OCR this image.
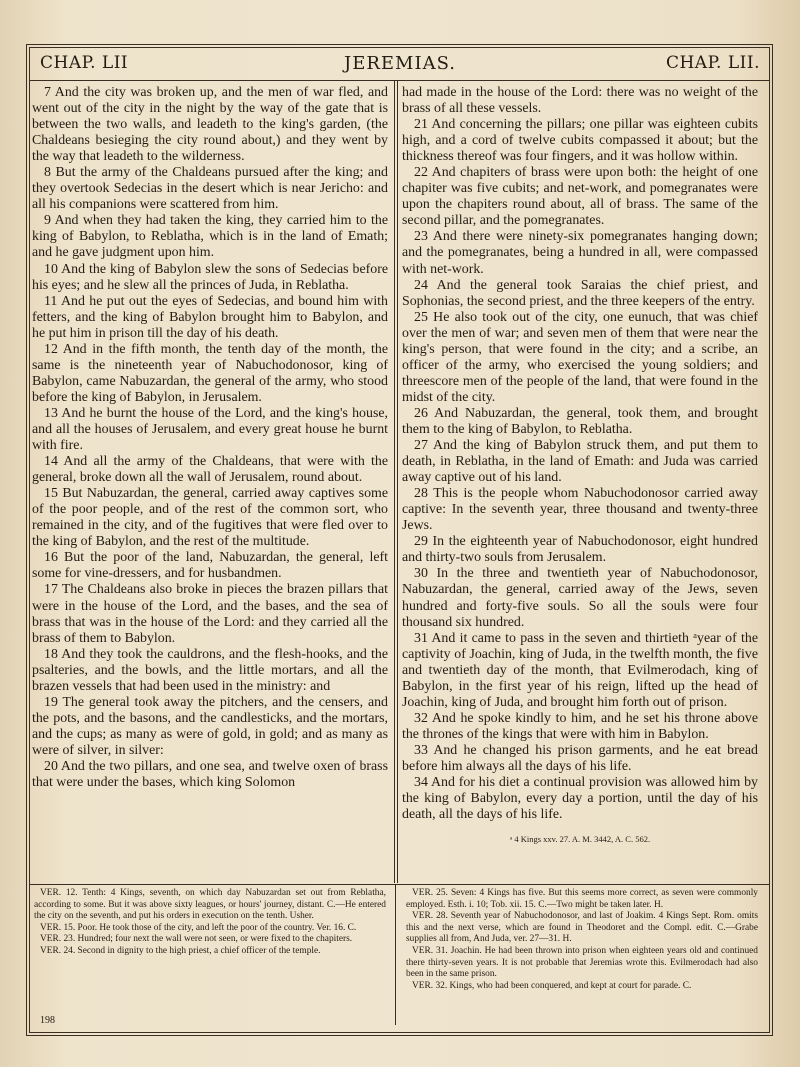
CHAP. LII	JEREMIAS.	CHAP. LII.

7 And the city was broken up, and the men of war fled, and went out of the city in the night by the way of the gate that is between the two walls, and leadeth to the king's garden, (the Chaldeans besieging the city round about,) and they went by the way that leadeth to the wilderness.

8 But the army of the Chaldeans pursued after the king; and they overtook Sedecias in the desert which is near Jericho: and all his companions were scattered from him.

9 And when they had taken the king, they carried him to the king of Babylon, to Reblatha, which is in the land of Emath; and he gave judgment upon him.

10 And the king of Babylon slew the sons of Sedecias before his eyes; and he slew all the princes of Juda, in Reblatha.

11 And he put out the eyes of Sedecias, and bound him with fetters, and the king of Babylon brought him to Babylon, and he put him in prison till the day of his death.

12 And in the fifth month, the tenth day of the month, the same is the nineteenth year of Nabuchodonosor, king of Babylon, came Nabuzardan, the general of the army, who stood before the king of Babylon, in Jerusalem.

13 And he burnt the house of the Lord, and the king's house, and all the houses of Jerusalem, and every great house he burnt with fire.

14 And all the army of the Chaldeans, that were with the general, broke down all the wall of Jerusalem, round about.

15 But Nabuzardan, the general, carried away captives some of the poor people, and of the rest of the common sort, who remained in the city, and of the fugitives that were fled over to the king of Babylon, and the rest of the multitude.

16 But the poor of the land, Nabuzardan, the general, left some for vine-dressers, and for husbandmen.

17 The Chaldeans also broke in pieces the brazen pillars that were in the house of the Lord, and the bases, and the sea of brass that was in the house of the Lord: and they carried all the brass of them to Babylon.

18 And they took the cauldrons, and the flesh-hooks, and the psalteries, and the bowls, and the little mortars, and all the brazen vessels that had been used in the ministry: and

19 The general took away the pitchers, and the censers, and the pots, and the basons, and the candlesticks, and the mortars, and the cups; as many as were of gold, in gold; and as many as were of silver, in silver:

20 And the two pillars, and one sea, and twelve oxen of brass that were under the bases, which king Solomon

had made in the house of the Lord: there was no weight of the brass of all these vessels.

21 And concerning the pillars; one pillar was eighteen cubits high, and a cord of twelve cubits compassed it about; but the thickness thereof was four fingers, and it was hollow within.

22 And chapiters of brass were upon both: the height of one chapiter was five cubits; and net-work, and pomegranates were upon the chapiters round about, all of brass. The same of the second pillar, and the pomegranates.

23 And there were ninety-six pomegranates hanging down; and the pomegranates, being a hundred in all, were compassed with net-work.

24 And the general took Saraias the chief priest, and Sophonias, the second priest, and the three keepers of the entry.

25 He also took out of the city, one eunuch, that was chief over the men of war; and seven men of them that were near the king's person, that were found in the city; and a scribe, an officer of the army, who exercised the young soldiers; and threescore men of the people of the land, that were found in the midst of the city.

26 And Nabuzardan, the general, took them, and brought them to the king of Babylon, to Reblatha.

27 And the king of Babylon struck them, and put them to death, in Reblatha, in the land of Emath: and Juda was carried away captive out of his land.

28 This is the people whom Nabuchodonosor carried away captive: In the seventh year, three thousand and twenty-three Jews.

29 In the eighteenth year of Nabuchodonosor, eight hundred and thirty-two souls from Jerusalem.

30 In the three and twentieth year of Nabuchodonosor, Nabuzardan, the general, carried away of the Jews, seven hundred and forty-five souls. So all the souls were four thousand six hundred.

31 And it came to pass in the seven and thirtieth ᵃyear of the captivity of Joachin, king of Juda, in the twelfth month, the five and twentieth day of the month, that Evilmerodach, king of Babylon, in the first year of his reign, lifted up the head of Joachin, king of Juda, and brought him forth out of prison.

32 And he spoke kindly to him, and he set his throne above the thrones of the kings that were with him in Babylon.

33 And he changed his prison garments, and he eat bread before him always all the days of his life.

34 And for his diet a continual provision was allowed him by the king of Babylon, every day a portion, until the day of his death, all the days of his life.

ᵃ 4 Kings xxv. 27. A. M. 3442, A. C. 562.

VER. 12. Tenth: 4 Kings, seventh, on which day Nabuzardan set out from Reblatha, according to some. But it was above sixty leagues, or hours' journey, distant. C.—He entered the city on the seventh, and put his orders in execution on the tenth. Usher.

VER. 15. Poor. He took those of the city, and left the poor of the country. Ver. 16. C.

VER. 23. Hundred; four next the wall were not seen, or were fixed to the chapiters.

VER. 24. Second in dignity to the high priest, a chief officer of the temple.

VER. 25. Seven: 4 Kings has five. But this seems more correct, as seven were commonly employed. Esth. i. 10; Tob. xii. 15. C.—Two might be taken later. H.

VER. 28. Seventh year of Nabuchodonosor, and last of Joakim. 4 Kings Sept. Rom. omits this and the next verse, which are found in Theodoret and the Compl. edit. C.—Grabe supplies all from, And Juda, ver. 27—31. H.

VER. 31. Joachin. He had been thrown into prison when eighteen years old and continued there thirty-seven years. It is not probable that Jeremias wrote this. Evilmerodach had also been in the same prison.

VER. 32. Kings, who had been conquered, and kept at court for parade. C.

198
